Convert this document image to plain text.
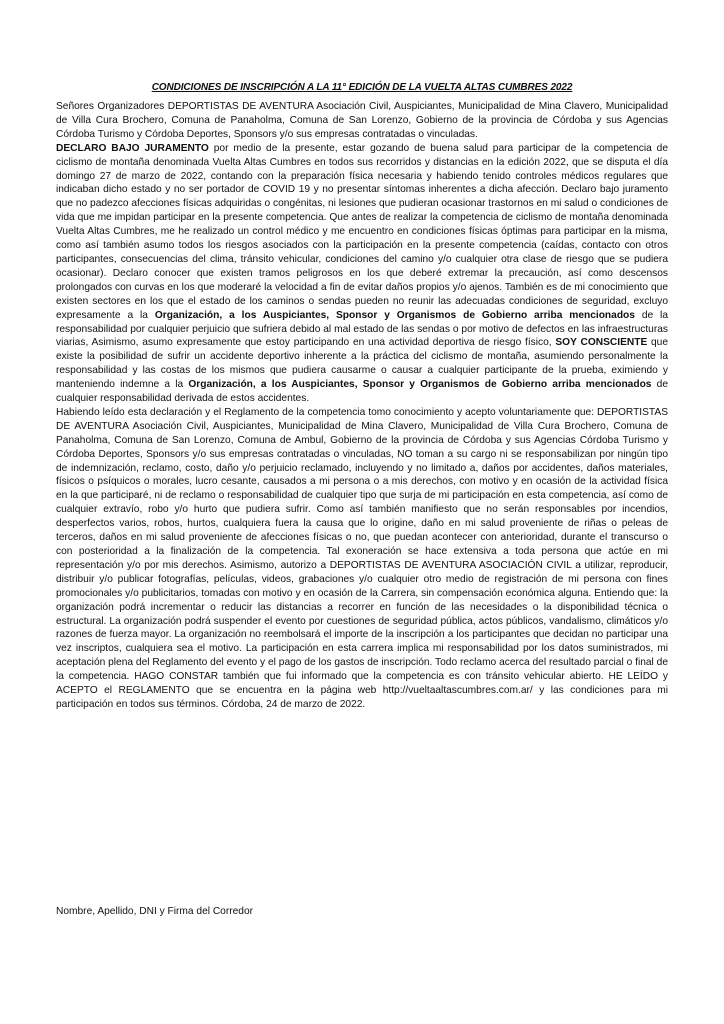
CONDICIONES DE INSCRIPCIÓN A LA 11° EDICIÓN DE LA VUELTA ALTAS CUMBRES 2022

Señores Organizadores DEPORTISTAS DE AVENTURA Asociación Civil, Auspiciantes, Municipalidad de Mina Clavero, Municipalidad de Villa Cura Brochero, Comuna de Panaholma, Comuna de San Lorenzo, Gobierno de la provincia de Córdoba y sus Agencias Córdoba Turismo y Córdoba Deportes, Sponsors y/o sus empresas contratadas o vinculadas.

DECLARO BAJO JURAMENTO por medio de la presente, estar gozando de buena salud para participar de la competencia de ciclismo de montaña denominada Vuelta Altas Cumbres en todos sus recorridos y distancias en la edición 2022, que se disputa el día domingo 27 de marzo de 2022, contando con la preparación física necesaria y habiendo tenido controles médicos regulares que indicaban dicho estado y no ser portador de COVID 19 y no presentar síntomas inherentes a dicha afección. Declaro bajo juramento que no padezco afecciones físicas adquiridas o congénitas, ni lesiones que pudieran ocasionar trastornos en mi salud o condiciones de vida que me impidan participar en la presente competencia. Que antes de realizar la competencia de ciclismo de montaña denominada Vuelta Altas Cumbres, me he realizado un control médico y me encuentro en condiciones físicas óptimas para participar en la misma, como así también asumo todos los riesgos asociados con la participación en la presente competencia (caídas, contacto con otros participantes, consecuencias del clima, tránsito vehicular, condiciones del camino y/o cualquier otra clase de riesgo que se pudiera ocasionar). Declaro conocer que existen tramos peligrosos en los que deberé extremar la precaución, así como descensos prolongados con curvas en los que moderaré la velocidad a fin de evitar daños propios y/o ajenos. También es de mi conocimiento que existen sectores en los que el estado de los caminos o sendas pueden no reunir las adecuadas condiciones de seguridad, excluyo expresamente a la Organización, a los Auspiciantes, Sponsor y Organismos de Gobierno arriba mencionados de la responsabilidad por cualquier perjuicio que sufriera debido al mal estado de las sendas o por motivo de defectos en las infraestructuras viarias, Asimismo, asumo expresamente que estoy participando en una actividad deportiva de riesgo físico, SOY CONSCIENTE que existe la posibilidad de sufrir un accidente deportivo inherente a la práctica del ciclismo de montaña, asumiendo personalmente la responsabilidad y las costas de los mismos que pudiera causarme o causar a cualquier participante de la prueba, eximiendo y manteniendo indemne a la Organización, a los Auspiciantes, Sponsor y Organismos de Gobierno arriba mencionados de cualquier responsabilidad derivada de estos accidentes.

Habiendo leído esta declaración y el Reglamento de la competencia tomo conocimiento y acepto voluntariamente que: DEPORTISTAS DE AVENTURA Asociación Civil, Auspiciantes, Municipalidad de Mina Clavero, Municipalidad de Villa Cura Brochero, Comuna de Panaholma, Comuna de San Lorenzo, Comuna de Ambul, Gobierno de la provincia de Córdoba y sus Agencias Córdoba Turismo y Córdoba Deportes, Sponsors y/o sus empresas contratadas o vinculadas, NO toman a su cargo ni se responsabilizan por ningún tipo de indemnización, reclamo, costo, daño y/o perjuicio reclamado, incluyendo y no limitado a, daños por accidentes, daños materiales, físicos o psíquicos o morales, lucro cesante, causados a mi persona o a mis derechos, con motivo y en ocasión de la actividad física en la que participaré, ni de reclamo o responsabilidad de cualquier tipo que surja de mi participación en esta competencia, así como de cualquier extravío, robo y/o hurto que pudiera sufrir. Como así también manifiesto que no serán responsables por incendios, desperfectos varios, robos, hurtos, cualquiera fuera la causa que lo origine, daño en mi salud proveniente de riñas o peleas de terceros, daños en mi salud proveniente de afecciones físicas o no, que puedan acontecer con anterioridad, durante el transcurso o con posterioridad a la finalización de la competencia. Tal exoneración se hace extensiva a toda persona que actúe en mi representación y/o por mis derechos. Asimismo, autorizo a DEPORTISTAS DE AVENTURA ASOCIACIÓN CIVIL a utilizar, reproducir, distribuir y/o publicar fotografías, películas, videos, grabaciones y/o cualquier otro medio de registración de mi persona con fines promocionales y/o publicitarios, tomadas con motivo y en ocasión de la Carrera, sin compensación económica alguna. Entiendo que: la organización podrá incrementar o reducir las distancias a recorrer en función de las necesidades o la disponibilidad técnica o estructural. La organización podrá suspender el evento por cuestiones de seguridad pública, actos públicos, vandalismo, climáticos y/o razones de fuerza mayor. La organización no reembolsará el importe de la inscripción a los participantes que decidan no participar una vez inscriptos, cualquiera sea el motivo. La participación en esta carrera implica mi responsabilidad por los datos suministrados, mi aceptación plena del Reglamento del evento y el pago de los gastos de inscripción. Todo reclamo acerca del resultado parcial o final de la competencia. HAGO CONSTAR también que fui informado que la competencia es con tránsito vehicular abierto. HE LEÍDO y ACEPTO el REGLAMENTO que se encuentra en la página web http://vueltaaltascumbres.com.ar/ y las condiciones para mi participación en todos sus términos. Córdoba, 24 de marzo de 2022.

Nombre, Apellido, DNI y Firma del Corredor
